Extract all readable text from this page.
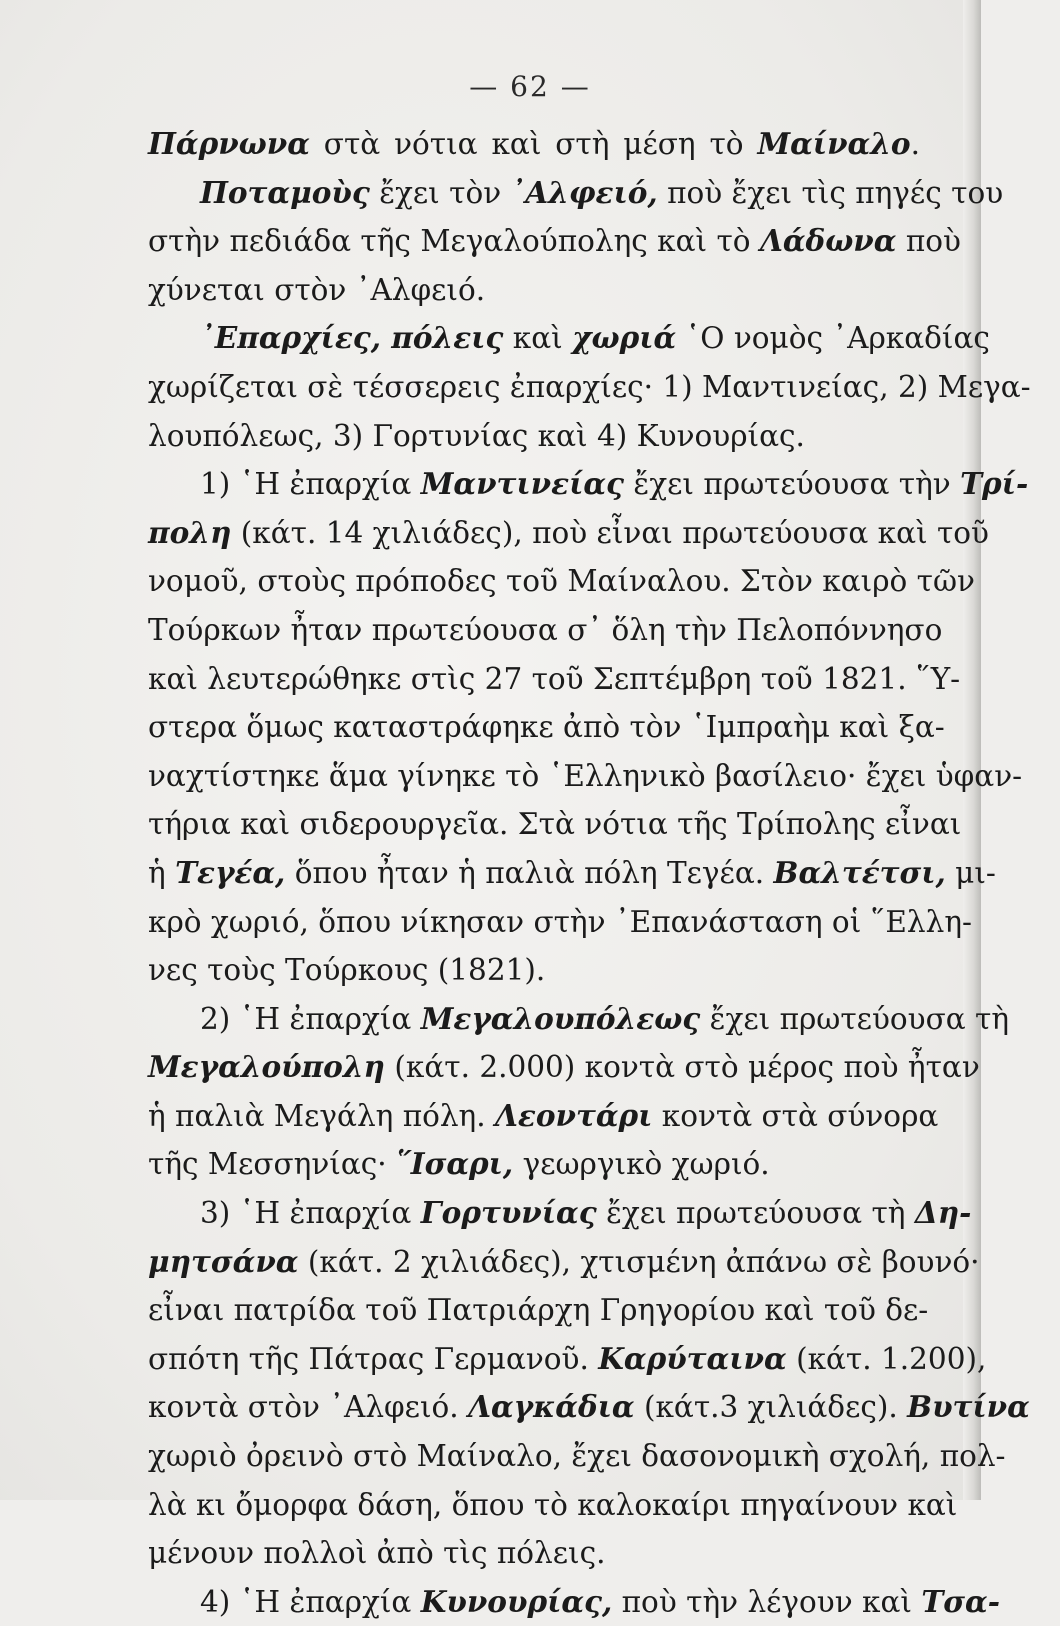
— 62 —
Πάρνωνα στὰ νότια καὶ στὴ μέση τὸ Μαίναλο.
Ποταμοὺς ἔχει τὸν ᾿Αλφειό, ποὺ ἔχει τὶς πηγές του
στὴν πεδιάδα τῆς Μεγαλούπολης καὶ τὸ Λάδωνα ποὺ
χύνεται στὸν ᾿Αλφειό.
᾿Επαρχίες, πόλεις καὶ χωριά ῾Ο νομὸς ᾿Αρκαδίας
χωρίζεται σὲ τέσσερεις ἐπαρχίες· 1) Μαντινείας, 2) Μεγα-
λουπόλεως, 3) Γορτυνίας καὶ 4) Κυνουρίας.
1) ῾Η ἐπαρχία Μαντινείας ἔχει πρωτεύουσα τὴν Τρί-
πολη (κάτ. 14 χιλιάδες), ποὺ εἶναι πρωτεύουσα καὶ τοῦ
νομοῦ, στοὺς πρόποδες τοῦ Μαίναλου. Στὸν καιρὸ τῶν
Τούρκων ἦταν πρωτεύουσα σ᾿ ὅλη τὴν Πελοπόννησο
καὶ λευτερώθηκε στὶς 27 τοῦ Σεπτέμβρη τοῦ 1821. ῞Υ-
στερα ὅμως καταστράφηκε ἀπὸ τὸν ῾Ιμπραὴμ καὶ ξα-
ναχτίστηκε ἅμα γίνηκε τὸ ῾Ελληνικὸ βασίλειο· ἔχει ὑφαν-
τήρια καὶ σιδερουργεῖα. Στὰ νότια τῆς Τρίπολης εἶναι
ἡ Τεγέα, ὅπου ἦταν ἡ παλιὰ πόλη Τεγέα. Βαλτέτσι, μι-
κρὸ χωριό, ὅπου νίκησαν στὴν ᾿Επανάσταση οἱ ῞Ελλη-
νες τοὺς Τούρκους (1821).
2) ῾Η ἐπαρχία Μεγαλουπόλεως ἔχει πρωτεύουσα τὴ
Μεγαλούπολη (κάτ. 2.000) κοντὰ στὸ μέρος ποὺ ἦταν
ἡ παλιὰ Μεγάλη πόλη. Λεοντάρι κοντὰ στὰ σύνορα
τῆς Μεσσηνίας· ῞Ισαρι, γεωργικὸ χωριό.
3) ῾Η ἐπαρχία Γορτυνίας ἔχει πρωτεύουσα τὴ Δη-
μητσάνα (κάτ. 2 χιλιάδες), χτισμένη ἀπάνω σὲ βουνό·
εἶναι πατρίδα τοῦ Πατριάρχη Γρηγορίου καὶ τοῦ δε-
σπότη τῆς Πάτρας Γερμανοῦ. Καρύταινα (κάτ. 1.200),
κοντὰ στὸν ᾿Αλφειό. Λαγκάδια (κάτ.3 χιλιάδες). Βυτίνα
χωριὸ ὀρεινὸ στὸ Μαίναλο, ἔχει δασονομικὴ σχολή, πολ-
λὰ κι ὄμορφα δάση, ὅπου τὸ καλοκαίρι πηγαίνουν καὶ
μένουν πολλοὶ ἀπὸ τὶς πόλεις.
4) ῾Η ἐπαρχία Κυνουρίας, ποὺ τὴν λέγουν καὶ Τσα-
